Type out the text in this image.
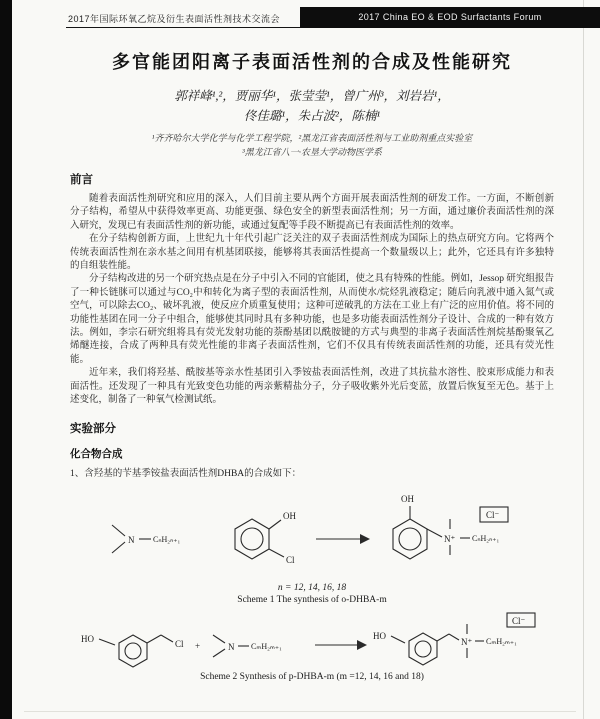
2017年国际环氧乙烷及衍生表面活性剂技术交流会	2017 China EO & EOD Surfactants Forum
多官能团阳离子表面活性剂的合成及性能研究
郭祥峰¹,²，贾丽华¹，张莹莹¹，曾广州³，刘岩岩¹，
佟佳璐¹，朱占波²，陈楠¹
¹齐齐哈尔大学化学与化学工程学院，²黑龙江省表面活性剂与工业助剂重点实验室
³黑龙江省八一·农垦大学动物医学系
前言

随着表面活性剂研究和应用的深入，人们目前主要从两个方面开展表面活性剂的研发工作。一方面，不断创新分子结构，希望从中获得效率更高、功能更强、绿色安全的新型表面活性剂；另一方面，通过廉价表面活性剂的深入研究，发现已有表面活性剂的新功能，或通过复配等手段不断提高已有表面活性剂的效率。

在分子结构创新方面，上世纪九十年代引起广泛关注的双子表面活性剂成为国际上的热点研究方向。它将两个传统表面活性剂在亲水基之间用有机基团联接，能够将其表面活性提高一个数量级以上；此外，它还具有许多独特的自组装性能。

分子结构改进的另一个研究热点是在分子中引入不同的官能团，使之具有特殊的性能。例如，Jessop 研究组报告了一种长链脒可以通过与CO₂中和转化为离子型的表面活性剂，从而使水/烷烃乳液稳定；随后向乳液中通入氮气或空气，可以除去CO₂、破坏乳液，使反应介质重复使用；这种可逆破乳的方法在工业上有广泛的应用价值。将不同的功能性基团在同一分子中组合，能够使其同时具有多种功能，也是多功能表面活性剂分子设计、合成的一种有效方法。例如，李宗石研究组将具有荧光发射功能的萘酚基团以酰胺键的方式与典型的非离子表面活性剂烷基酚聚氧乙烯醚连接，合成了两种具有荧光性能的非离子表面活性剂，它们不仅具有传统表面活性剂的功能，还具有荧光性能。

近年来，我们将羟基、酰胺基等亲水性基团引入季铵盐表面活性剂，改进了其抗盐水溶性、胶束形成能力和表面活性。还发现了一种具有光致变色功能的两亲紫精盐分子，分子吸收紫外光后变蓝，放置后恢复至无色。基于上述变化，制备了一种氧气检测试纸。

实验部分
化合物合成
1、含羟基的苄基季铵盐表面活性剂DHBA的合成如下：
N CₙH₂ₙ₊₁
OH
Cl
OH
N⁺ CₙH₂ₙ₊₁
Cl⁻
n = 12, 14, 16, 18
Scheme 1 The synthesis of o-DHBA-m
HO	Cl +	N CₘH₂ₘ₊₁
HO
N⁺ CₘH₂ₘ₊₁
Cl⁻
Scheme 2 Synthesis of p-DHBA-m (m =12, 14, 16 and 18)
